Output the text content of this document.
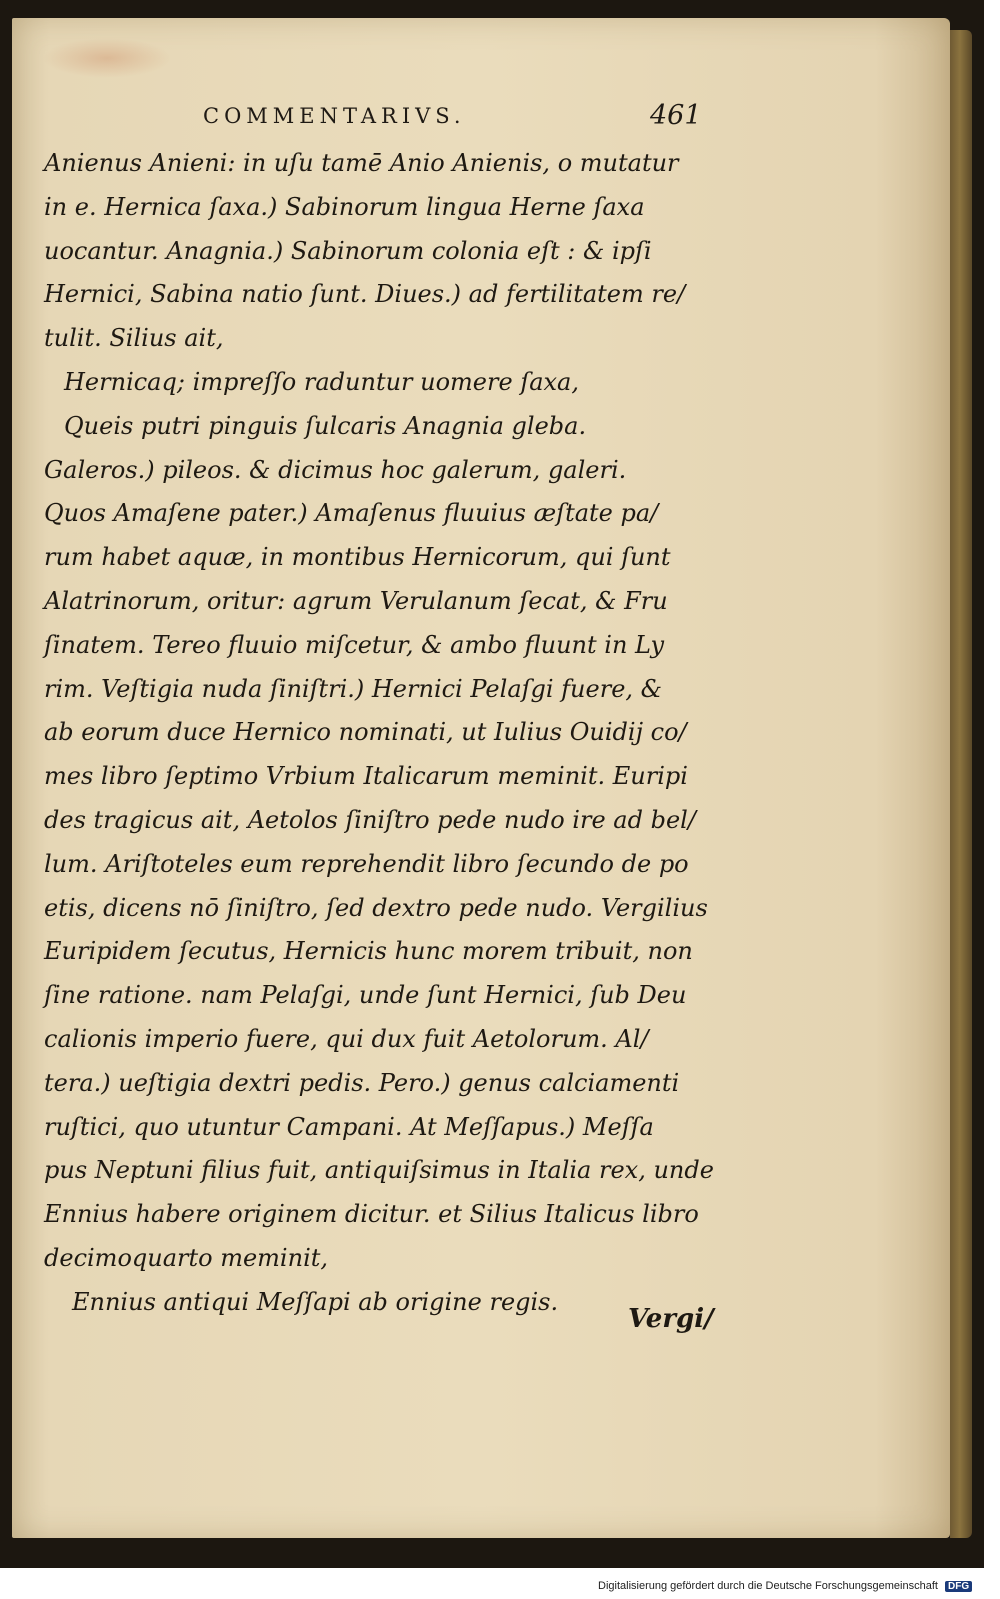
COMMENTARIVS.	461
Anienus Anieni: in uſu tamē Anio Anienis, o mutatur
in e. Hernica ſaxa.) Sabinorum lingua Herne ſaxa
uocantur. Anagnia.) Sabinorum colonia eſt : & ipſi
Hernici, Sabina natio ſunt. Diues.) ad fertilitatem re/
tulit. Silius ait,
Hernicaq; impreſſo raduntur uomere ſaxa,
Queis putri pinguis ſulcaris Anagnia gleba.
Galeros.) pileos. & dicimus hoc galerum, galeri.
Quos Amaſene pater.) Amaſenus fluuius æſtate pa/
rum habet aquæ, in montibus Hernicorum, qui ſunt
Alatrinorum, oritur: agrum Verulanum ſecat, & Fru
ſinatem. Tereo fluuio miſcetur, & ambo fluunt in Ly
rim. Veſtigia nuda ſiniſtri.) Hernici Pelaſgi fuere, &
ab eorum duce Hernico nominati, ut Iulius Ouidij co/
mes libro ſeptimo Vrbium Italicarum meminit. Euripi
des tragicus ait, Aetolos ſiniſtro pede nudo ire ad bel/
lum. Ariſtoteles eum reprehendit libro ſecundo de po
etis, dicens nō ſiniſtro, ſed dextro pede nudo. Vergilius
Euripidem ſecutus, Hernicis hunc morem tribuit, non
ſine ratione. nam Pelaſgi, unde ſunt Hernici, ſub Deu
calionis imperio fuere, qui dux fuit Aetolorum. Al/
tera.) ueſtigia dextri pedis. Pero.) genus calciamenti
ruſtici, quo utuntur Campani. At Meſſapus.) Meſſa
pus Neptuni filius fuit, antiquiſsimus in Italia rex, unde
Ennius habere originem dicitur. et Silius Italicus libro
decimoquarto meminit,
Ennius antiqui Meſſapi ab origine regis.
Vergi/
Digitalisierung gefördert durch die Deutsche Forschungsgemeinschaft DFG
